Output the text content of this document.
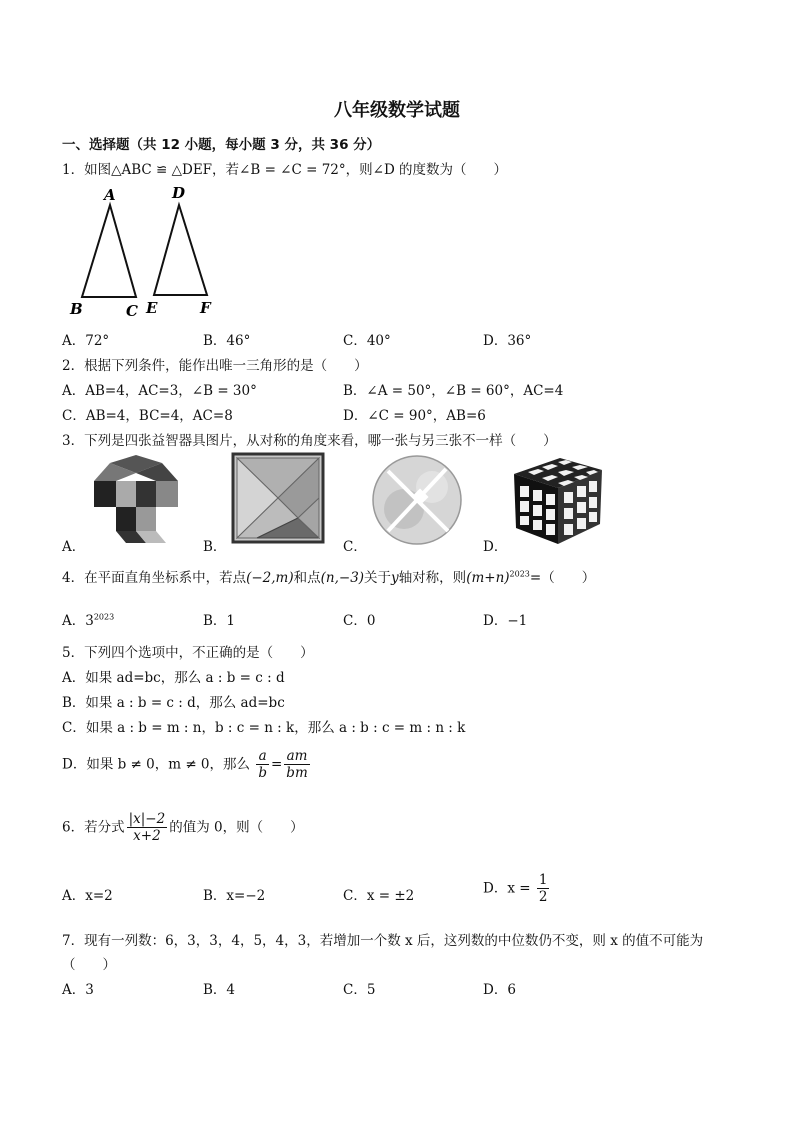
八年级数学试题
一、选择题（共 12 小题，每小题 3 分，共 36 分）
1．如图△ABC ≌ △DEF，若∠B = ∠C = 72°，则∠D 的度数为（　　）
A
B	C
D
E	F
A．72°	B．46°	C．40°	D．36°
2．根据下列条件，能作出唯一三角形的是（　　）
A．AB=4，AC=3，∠B = 30°	B．∠A = 50°，∠B = 60°，AC=4
C．AB=4，BC=4，AC=8	D．∠C = 90°，AB=6
3．下列是四张益智器具图片，从对称的角度来看，哪一张与另三张不一样（　　）
A．	B．	C．	D．
4．在平面直角坐标系中，若点(−2,m)和点(n,−3)关于y轴对称，则$(m+n)^{2023}=$（　　）
A．$3^{2023}$	B．1	C．0	D．−1
5．下列四个选项中，不正确的是（　　）
A．如果 ad=bc，那么 a : b = c : d
B．如果 a : b = c : d，那么 ad=bc
C．如果 a : b = m : n，b : c = n : k，那么 a : b : c = m : n : k
D．如果 b ≠ 0，m ≠ 0，那么 $\frac{a}{b} = \frac{am}{bm}$
6．若分式 $\frac{|x|-2}{x+2}$ 的值为 0，则（　　）
A．x=2	B．x=−2	C．x = ±2	D．$x = \frac{1}{2}$
7．现有一列数：6，3，3，4，5，4，3，若增加一个数 x 后，这列数的中位数仍不变，则 x 的值不可能为
（　　）
A．3	B．4	C．5	D．6
